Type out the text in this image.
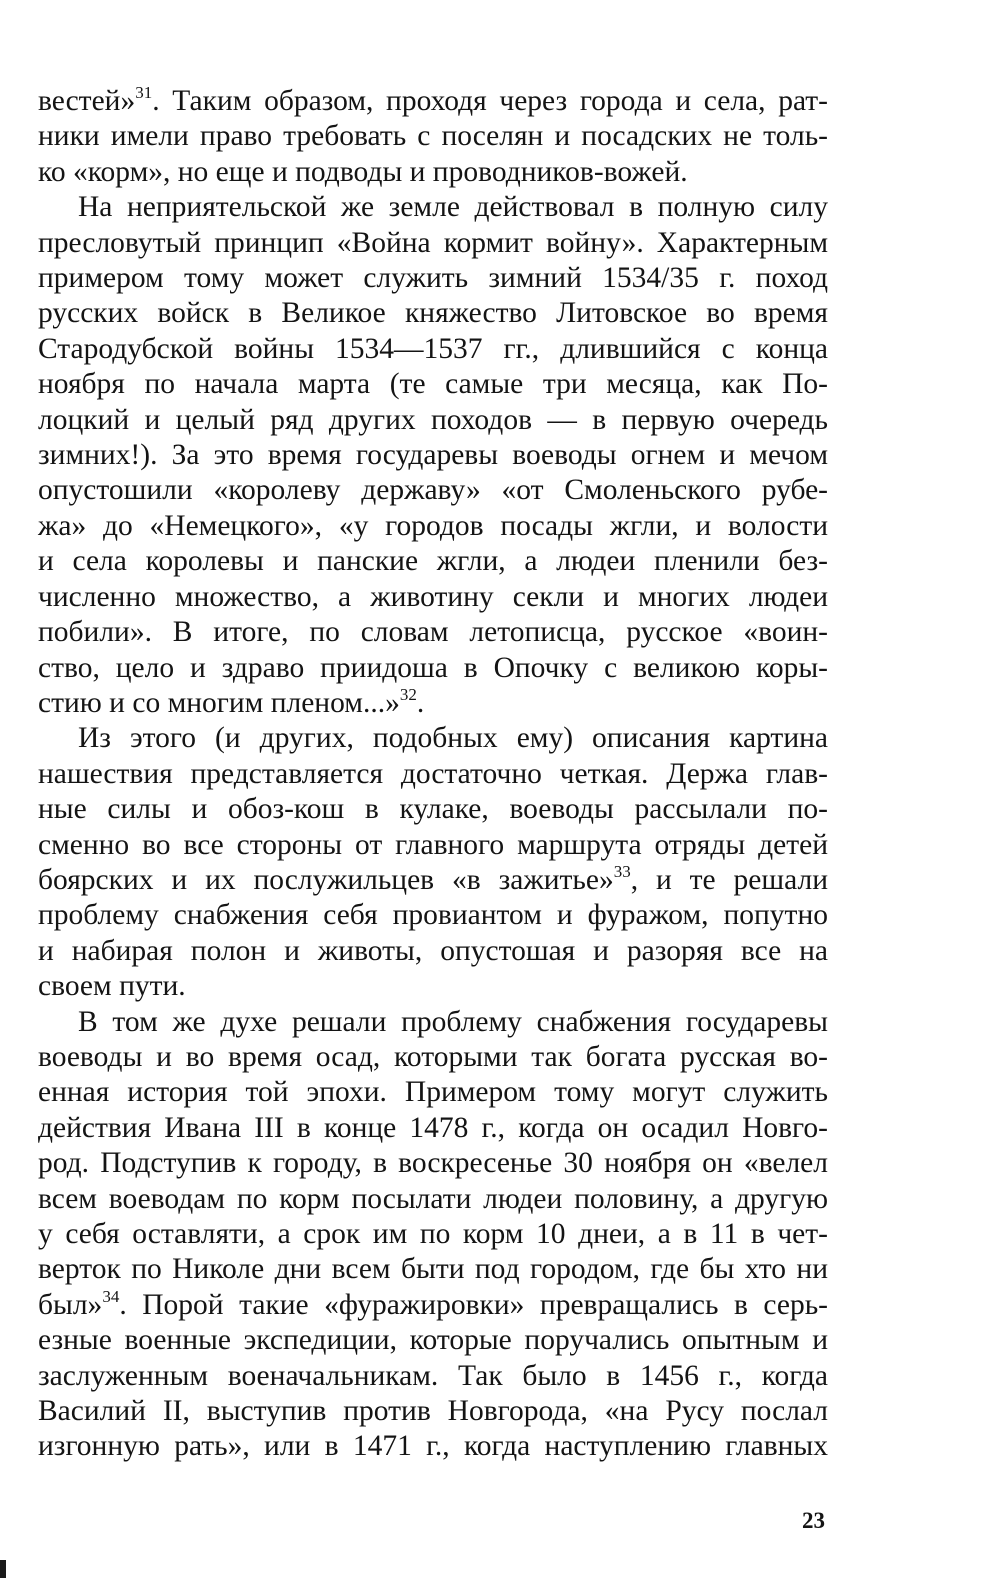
вестей»$^{31}$. Таким образом, проходя через города и села, рат-
ники имели право требовать с поселян и посадских не толь-
ко «корм», но еще и подводы и проводников-вожей.

На неприятельской же земле действовал в полную силу
пресловутый принцип «Война кормит войну». Характерным
примером тому может служить зимний 1534/35 г. поход
русских войск в Великое княжество Литовское во время
Стародубской войны 1534—1537 гг., длившийся с конца
ноября по начала марта (те самые три месяца, как По-
лоцкий и целый ряд других походов — в первую очередь
зимних!). За это время государевы воеводы огнем и мечом
опустошили «королеву державу» «от Смоленьского рубе-
жа» до «Немецкого», «у городов посады жгли, и волости
и села королевы и панские жгли, а людеи пленили без-
численно множество, а животину секли и многих людеи
побили». В итоге, по словам летописца, русское «воин-
ство, цело и здраво приидоша в Опочку с великою коры-
стию и со многим пленом...»$^{32}$.

Из этого (и других, подобных ему) описания картина
нашествия представляется достаточно четкая. Держа глав-
ные силы и обоз-кош в кулаке, воеводы рассылали по-
сменно во все стороны от главного маршрута отряды детей
боярских и их послужильцев «в зажитье»$^{33}$, и те решали
проблему снабжения себя провиантом и фуражом, попутно
и набирая полон и животы, опустошая и разоряя все на
своем пути.

В том же духе решали проблему снабжения государевы
воеводы и во время осад, которыми так богата русская во-
енная история той эпохи. Примером тому могут служить
действия Ивана III в конце 1478 г., когда он осадил Новго-
род. Подступив к городу, в воскресенье 30 ноября он «велел
всем воеводам по корм посылати людеи половину, а другую
у себя оставляти, а срок им по корм 10 днеи, а в 11 в чет-
верток по Николе дни всем быти под городом, где бы хто ни
был»$^{34}$. Порой такие «фуражировки» превращались в серь-
езные военные экспедиции, которые поручались опытным и
заслуженным военачальникам. Так было в 1456 г., когда
Василий II, выступив против Новгорода, «на Русу послал
изгонную рать», или в 1471 г., когда наступлению главных

23
